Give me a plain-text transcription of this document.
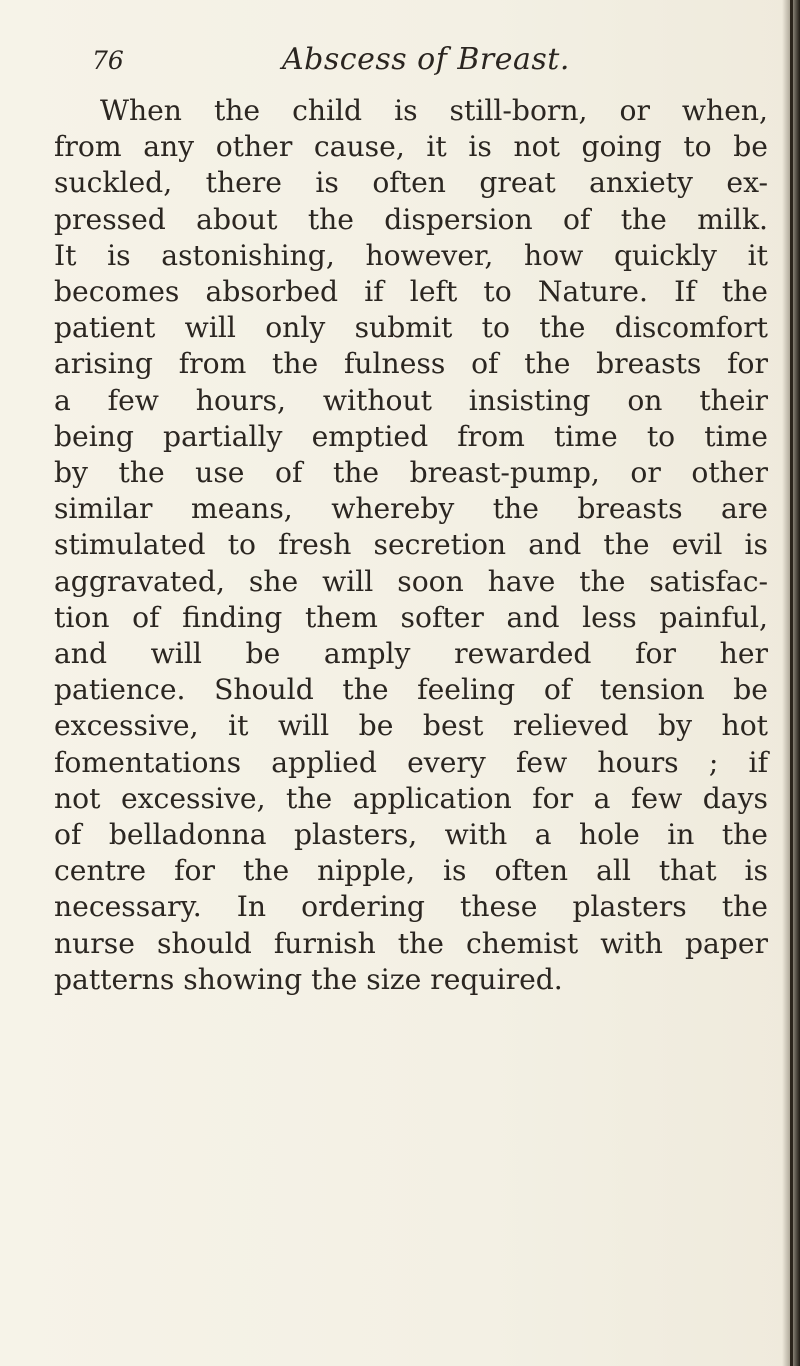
76	Abscess of Breast.

When the child is still-born, or when,
from any other cause, it is not going to be
suckled, there is often great anxiety ex-
pressed about the dispersion of the milk.
It is astonishing, however, how quickly it
becomes absorbed if left to Nature. If the
patient will only submit to the discomfort
arising from the fulness of the breasts for
a few hours, without insisting on their
being partially emptied from time to time
by the use of the breast-pump, or other
similar means, whereby the breasts are
stimulated to fresh secretion and the evil is
aggravated, she will soon have the satisfac-
tion of finding them softer and less painful,
and will be amply rewarded for her
patience. Should the feeling of tension be
excessive, it will be best relieved by hot
fomentations applied every few hours ; if
not excessive, the application for a few days
of belladonna plasters, with a hole in the
centre for the nipple, is often all that is
necessary. In ordering these plasters the
nurse should furnish the chemist with paper
patterns showing the size required.
